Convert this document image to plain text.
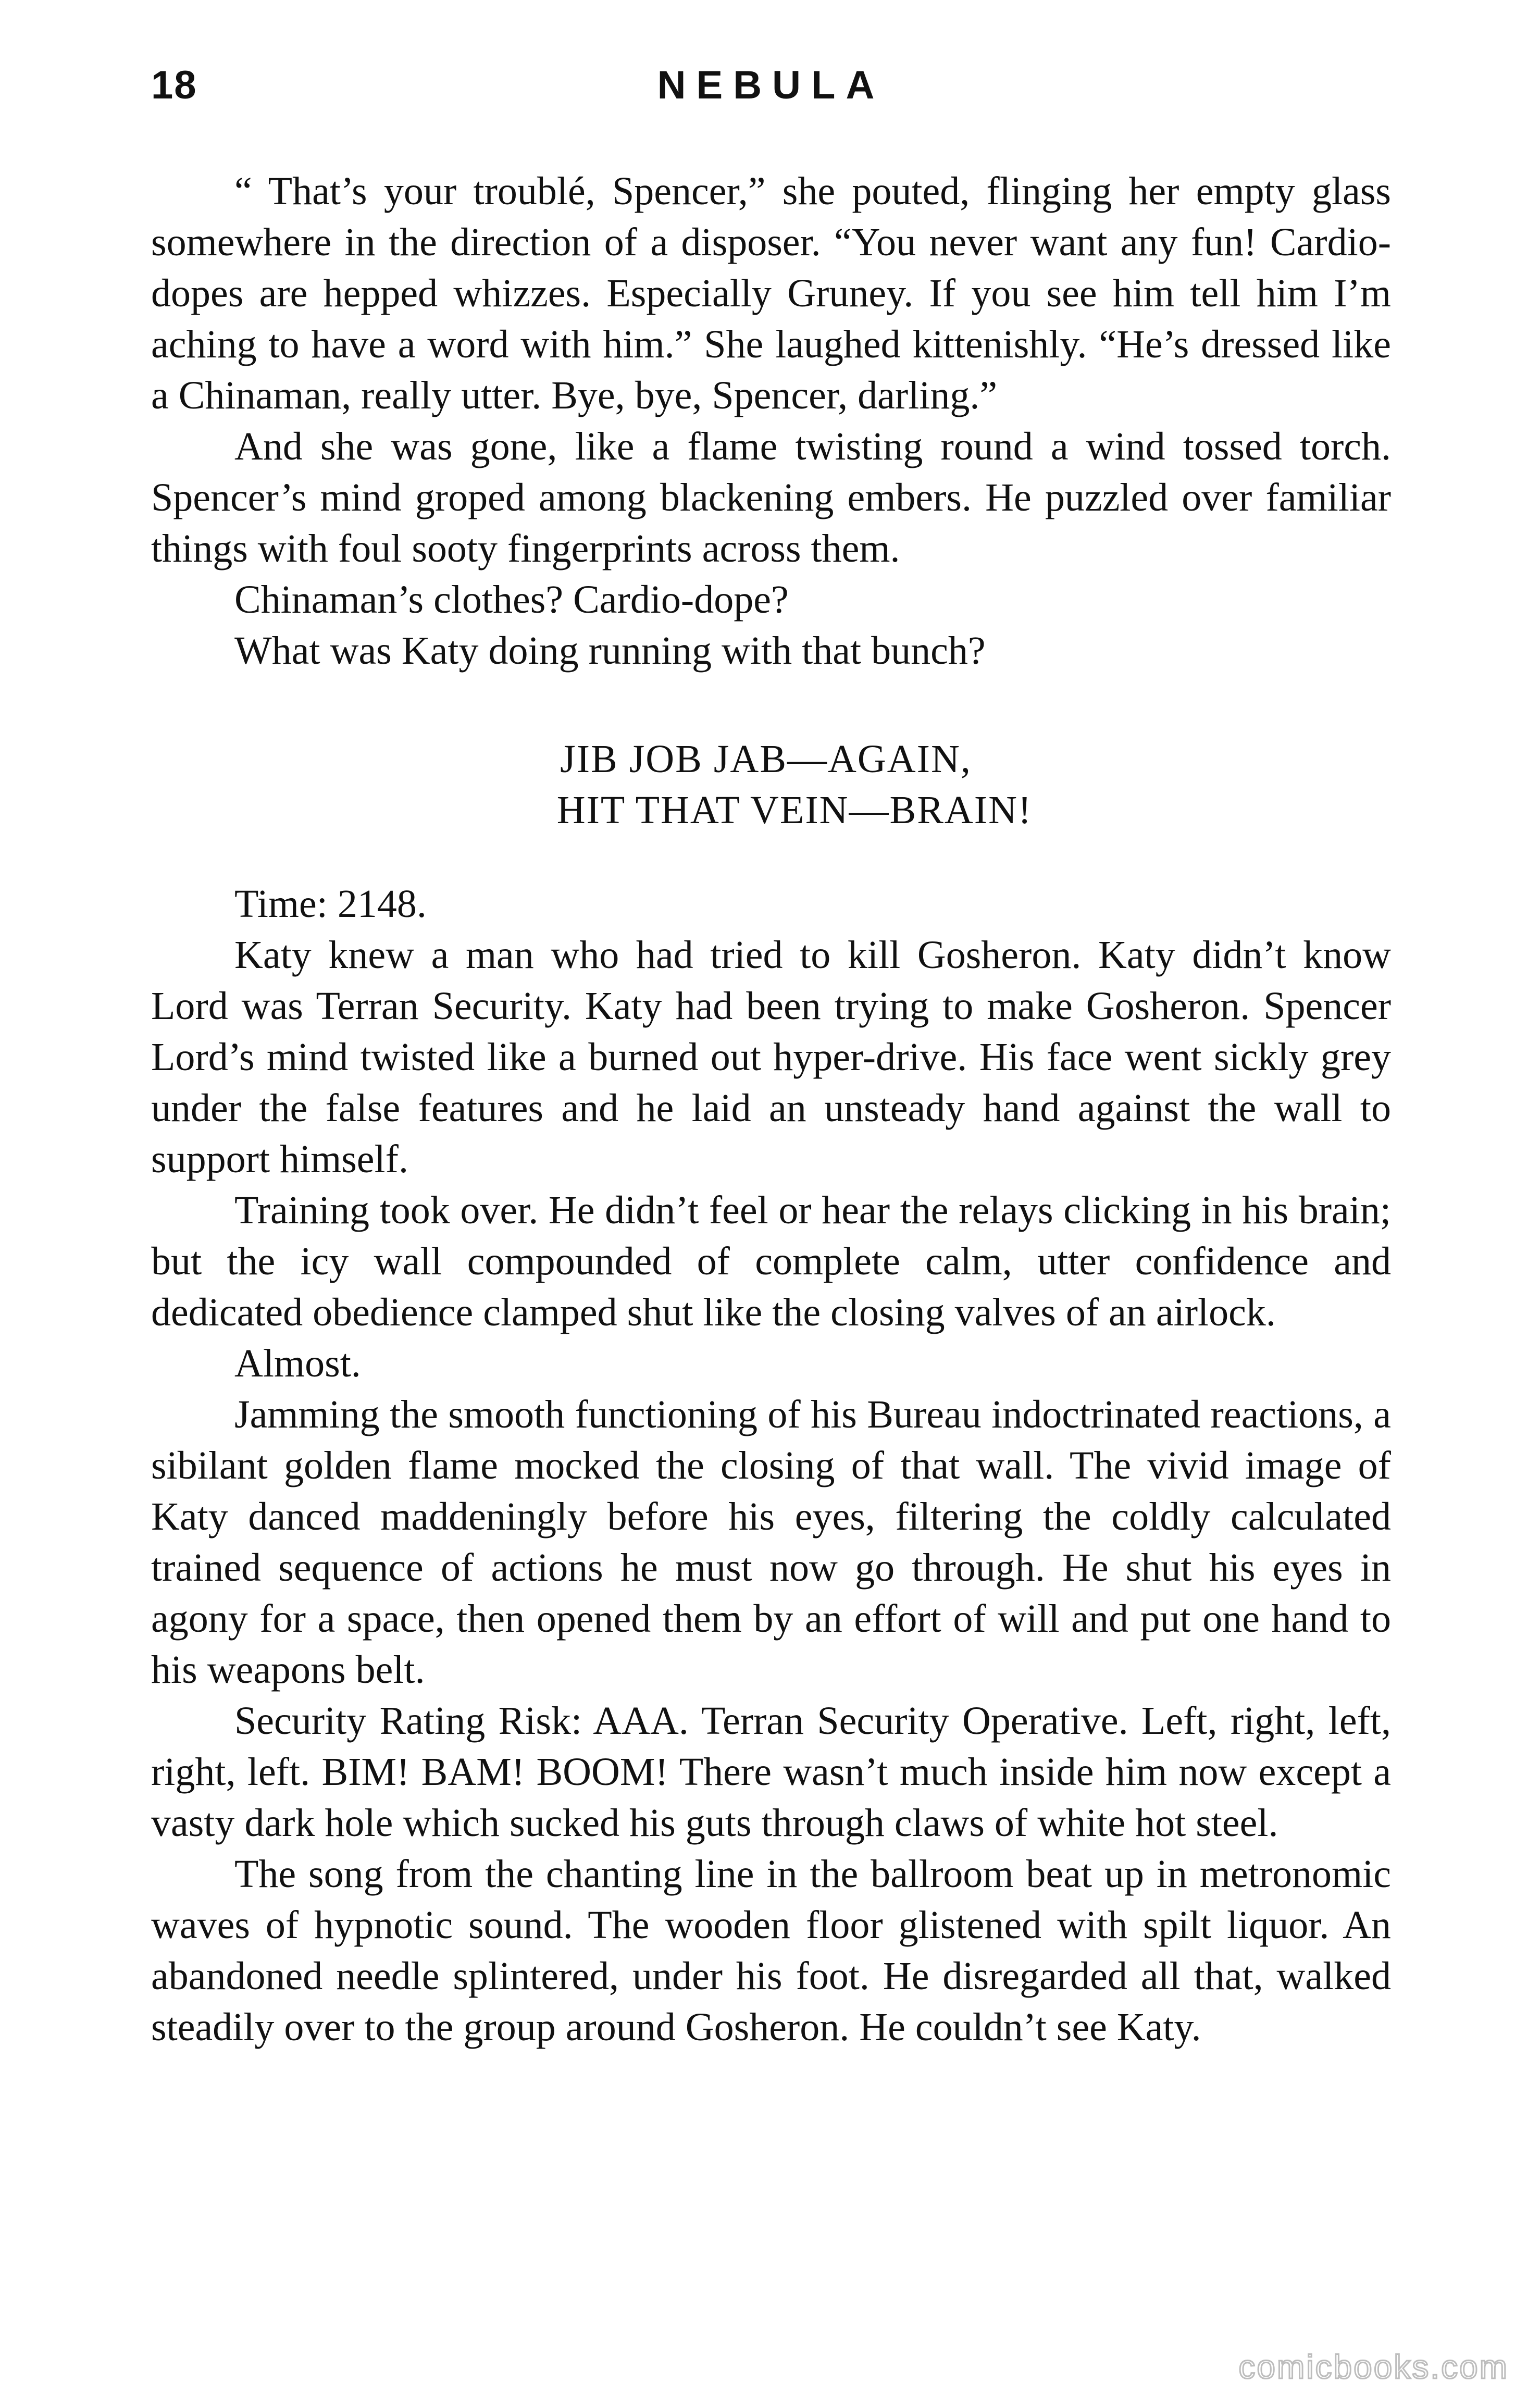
18	NEBULA

“ That’s your troublé, Spencer,” she pouted, flinging her empty glass somewhere in the direction of a disposer. “You never want any fun! Cardio-dopes are hepped whizzes. Especially Gruney. If you see him tell him I’m aching to have a word with him.” She laughed kittenishly. “He’s dressed like a Chinaman, really utter. Bye, bye, Spencer, darling.”

And she was gone, like a flame twisting round a wind tossed torch. Spencer’s mind groped among blackening embers. He puzzled over familiar things with foul sooty fingerprints across them.

Chinaman’s clothes? Cardio-dope?

What was Katy doing running with that bunch?

JIB JOB JAB—AGAIN,
HIT THAT VEIN—BRAIN!

Time: 2148.

Katy knew a man who had tried to kill Gosheron. Katy didn’t know Lord was Terran Security. Katy had been trying to make Gosheron. Spencer Lord’s mind twisted like a burned out hyper-drive. His face went sickly grey under the false features and he laid an unsteady hand against the wall to support himself.

Training took over. He didn’t feel or hear the relays clicking in his brain; but the icy wall compounded of complete calm, utter confidence and dedicated obedience clamped shut like the closing valves of an airlock.

Almost.

Jamming the smooth functioning of his Bureau indoctrinated reactions, a sibilant golden flame mocked the closing of that wall. The vivid image of Katy danced maddeningly before his eyes, filtering the coldly calculated trained sequence of actions he must now go through. He shut his eyes in agony for a space, then opened them by an effort of will and put one hand to his weapons belt.

Security Rating Risk: AAA. Terran Security Operative. Left, right, left, right, left. BIM! BAM! BOOM! There wasn’t much inside him now except a vasty dark hole which sucked his guts through claws of white hot steel.

The song from the chanting line in the ballroom beat up in metronomic waves of hypnotic sound. The wooden floor glistened with spilt liquor. An abandoned needle splintered, under his foot. He disregarded all that, walked steadily over to the group around Gosheron. He couldn’t see Katy.

comicbooks.com
